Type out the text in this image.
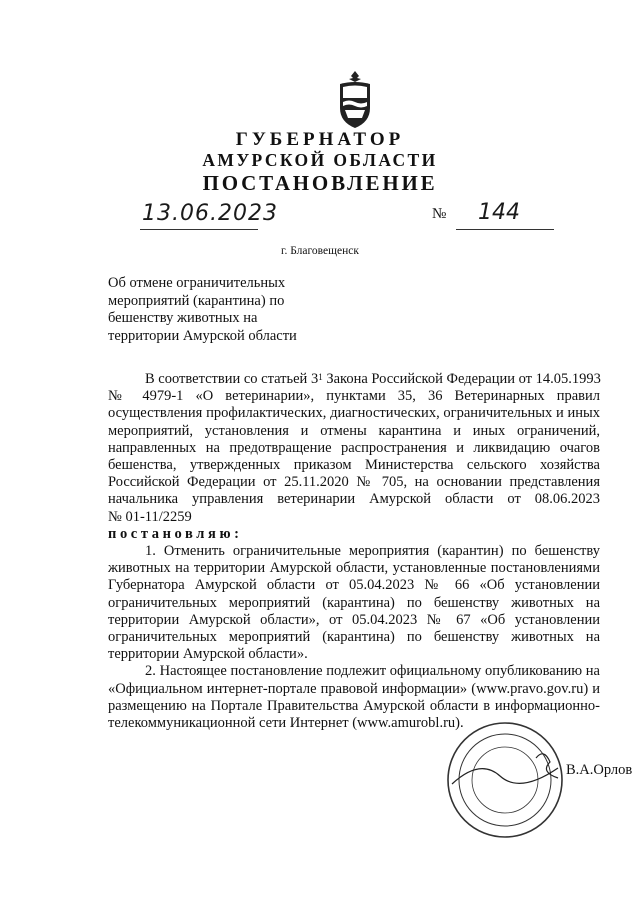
ГУБЕРНАТОР
АМУРСКОЙ ОБЛАСТИ
ПОСТАНОВЛЕНИЕ
13.06.2023	№ 144
г. Благовещенск
Об отмене ограничительных
мероприятий (карантина) по
бешенству животных на
территории Амурской области
В соответствии со статьей $3^1$ Закона Российской Федерации от 14.05.1993
№ 4979-1 «О ветеринарии», пунктами 35, 36 Ветеринарных правил
осуществления профилактических, диагностических, ограничительных и иных
мероприятий, установления и отмены карантина и иных ограничений,
направленных на предотвращение распространения и ликвидацию очагов
бешенства, утвержденных приказом Министерства сельского хозяйства
Российской Федерации от 25.11.2020 № 705, на основании представления
начальника управления ветеринарии Амурской области от 08.06.2023
№ 01-11/2259
постановляю:
1. Отменить ограничительные мероприятия (карантин) по бешенству
животных на территории Амурской области, установленные постановлениями
Губернатора Амурской области от 05.04.2023 № 66 «Об установлении
ограничительных мероприятий (карантина) по бешенству животных на
территории Амурской области», от 05.04.2023 № 67 «Об установлении
ограничительных мероприятий (карантина) по бешенству животных на
территории Амурской области».
2. Настоящее постановление подлежит официальному опубликованию на
«Официальном интернет-портале правовой информации» (www.pravo.gov.ru) и
размещению на Портале Правительства Амурской области в информационно-
телекоммуникационной сети Интернет (www.amurobl.ru).
В.А.Орлов
